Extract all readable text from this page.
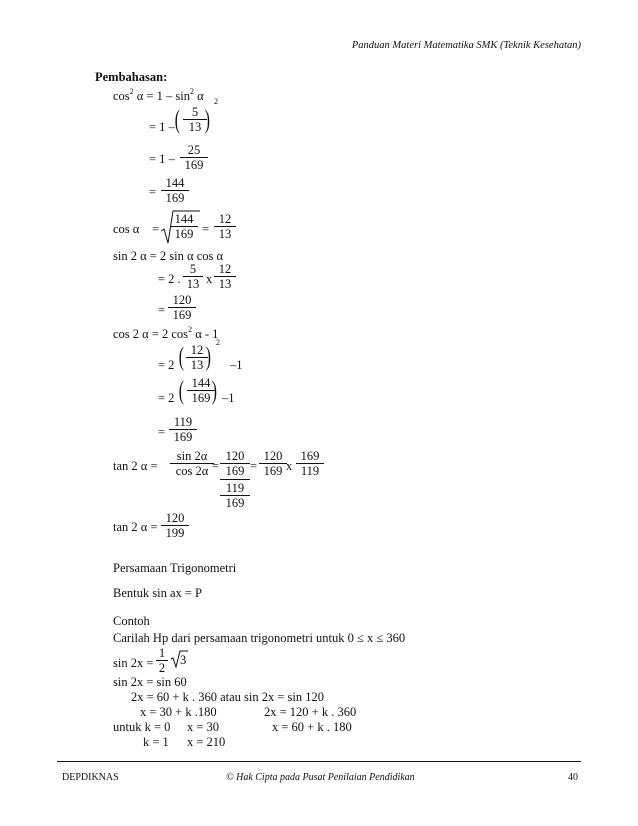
Panduan Materi Matematika SMK (Teknik Kesehatan)
Pembahasan:
$\cos^2 \alpha = 1 - \sin^2 \alpha$
= 1 – ( $\frac{5}{13}$
)
2
= $1 - \frac{25}{169}$
= $\frac{144}{169}$
$\cos \alpha = \frac{144}{169} = \frac{12}{13}$
sin 2 α = 2 sin α cos α
= 2 . $\frac{5}{13}$ x $\frac{12}{13}$
= $\frac{120}{169}$
cos 2 α = 2 $\cos^2 \alpha - 1$
= 2 ( $\frac{12}{13}$
) 2
–1
= 2 ( $\frac{144}{169}$
) –1
= $\frac{119}{169}$
tan 2 $\alpha = \frac{\sin 2\alpha}{\cos 2\alpha}$
= $\frac{120}{169}$
$\frac{119}{169}$
= $\frac{120}{169}$ x $\frac{169}{119}$
tan 2 $\alpha = \frac{120}{199}$
Persamaan Trigonometri
Bentuk sin ax = P
Contoh
Carilah Hp dari persamaan trigonometri untuk 0 ≤ x ≤ 360
$\sin 2x = \frac{1}{2} 3$
sin 2x = sin 60
2x = 60 + k . 360 atau sin 2x = sin 120
x = 30 + k .180	2x = 120 + k . 360
untuk k = 0 x = 30	x = 60 + k . 180
k = 1 x = 210
DEPDIKNAS	© Hak Cipta pada Pusat Penilaian Pendidikan	40
